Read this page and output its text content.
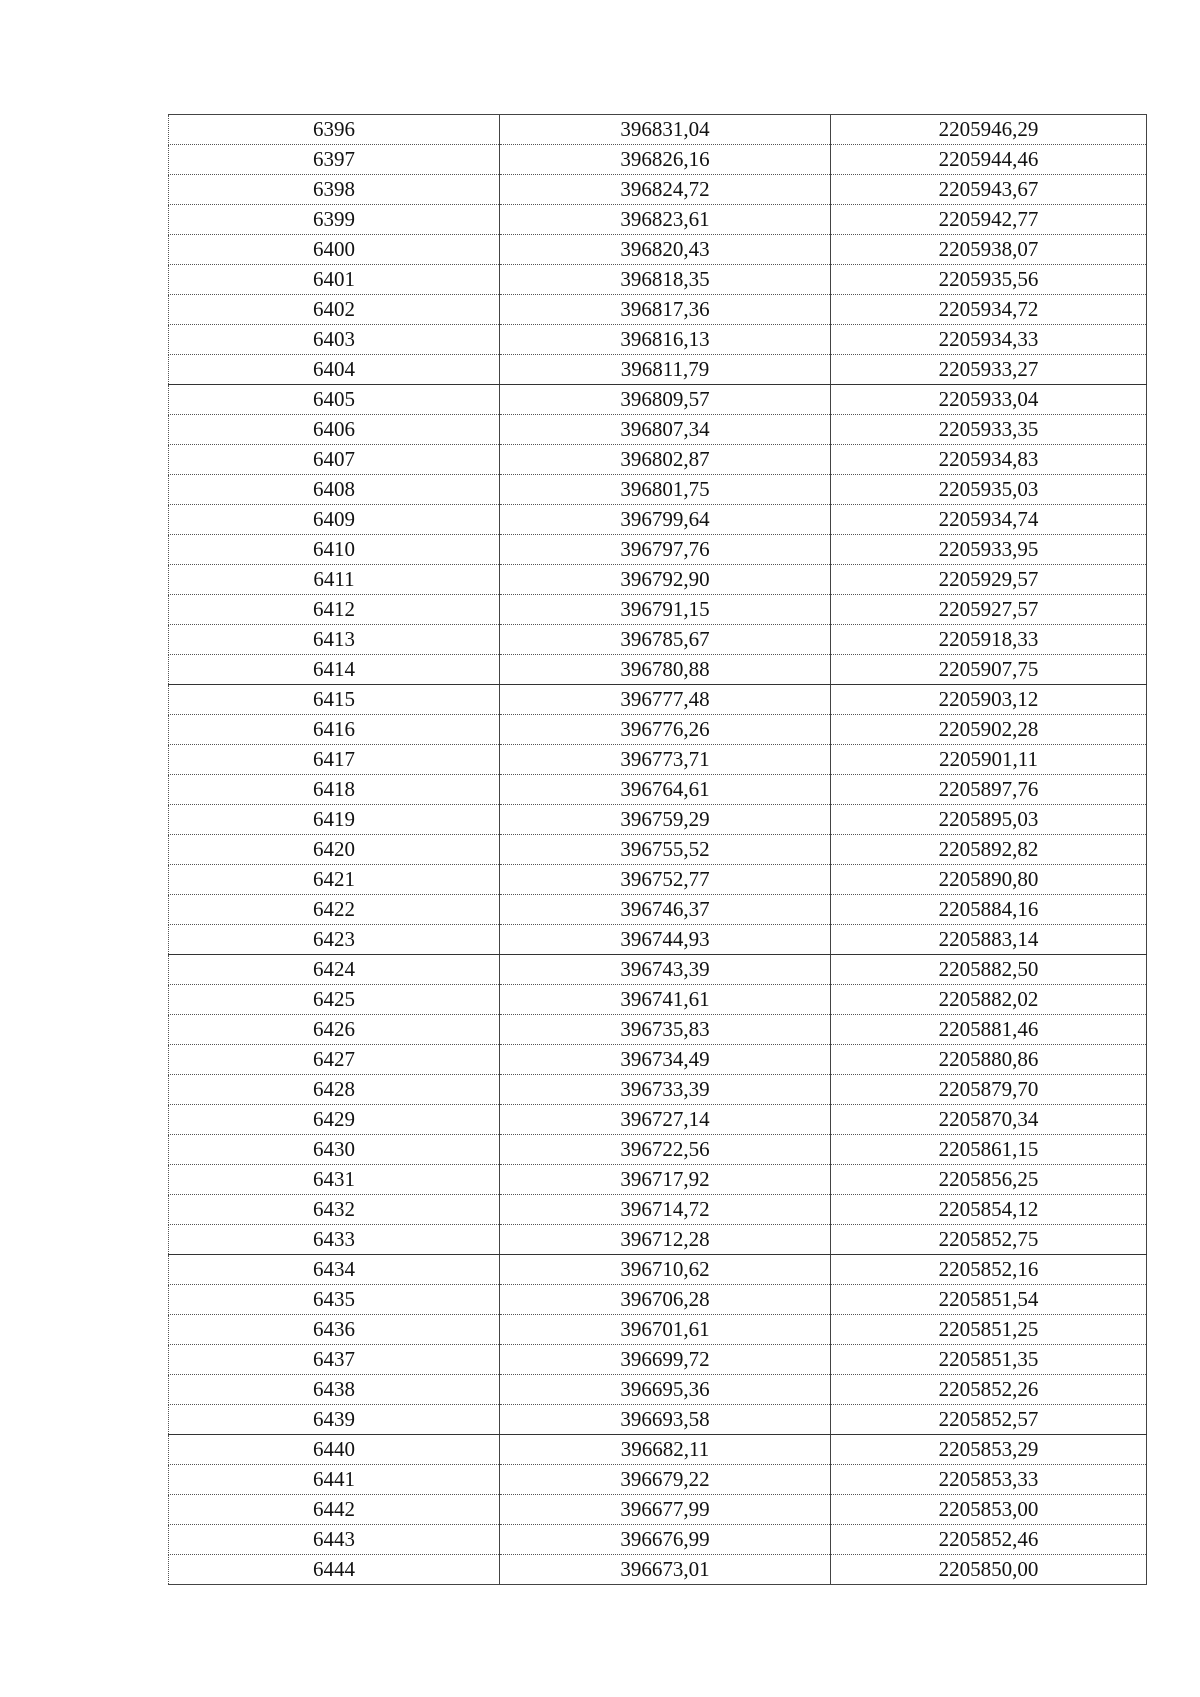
6396	396831,04	2205946,29
6397	396826,16	2205944,46
6398	396824,72	2205943,67
6399	396823,61	2205942,77
6400	396820,43	2205938,07
6401	396818,35	2205935,56
6402	396817,36	2205934,72
6403	396816,13	2205934,33
6404	396811,79	2205933,27
6405	396809,57	2205933,04
6406	396807,34	2205933,35
6407	396802,87	2205934,83
6408	396801,75	2205935,03
6409	396799,64	2205934,74
6410	396797,76	2205933,95
6411	396792,90	2205929,57
6412	396791,15	2205927,57
6413	396785,67	2205918,33
6414	396780,88	2205907,75
6415	396777,48	2205903,12
6416	396776,26	2205902,28
6417	396773,71	2205901,11
6418	396764,61	2205897,76
6419	396759,29	2205895,03
6420	396755,52	2205892,82
6421	396752,77	2205890,80
6422	396746,37	2205884,16
6423	396744,93	2205883,14
6424	396743,39	2205882,50
6425	396741,61	2205882,02
6426	396735,83	2205881,46
6427	396734,49	2205880,86
6428	396733,39	2205879,70
6429	396727,14	2205870,34
6430	396722,56	2205861,15
6431	396717,92	2205856,25
6432	396714,72	2205854,12
6433	396712,28	2205852,75
6434	396710,62	2205852,16
6435	396706,28	2205851,54
6436	396701,61	2205851,25
6437	396699,72	2205851,35
6438	396695,36	2205852,26
6439	396693,58	2205852,57
6440	396682,11	2205853,29
6441	396679,22	2205853,33
6442	396677,99	2205853,00
6443	396676,99	2205852,46
6444	396673,01	2205850,00
